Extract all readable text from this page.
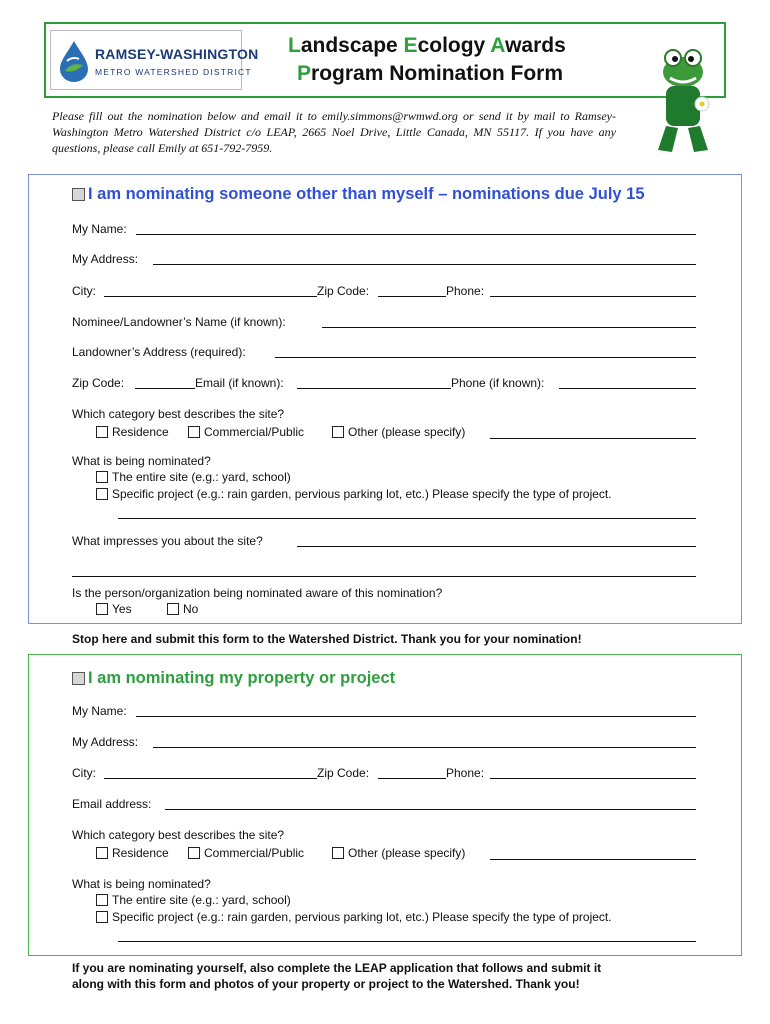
RAMSEY-WASHINGTON
METRO WATERSHED DISTRICT
Landscape Ecology Awards
Program Nomination Form
Please fill out the nomination below and email it to emily.simmons@rwmwd.org or send it by mail to Ramsey-Washington Metro Watershed District c/o LEAP, 2665 Noel Drive, Little Canada, MN 55117. If you have any questions, please call Emily at 651-792-7959.
I am nominating someone other than myself – nominations due July 15
My Name:
My Address:
City:	Zip Code:	Phone:
Nominee/Landowner’s Name (if known):
Landowner’s Address (required):
Zip Code:	Email (if known):	Phone (if known):
Which category best describes the site?
Residence	Commercial/Public	Other (please specify)
What is being nominated?
The entire site (e.g.: yard, school)
Specific project (e.g.: rain garden, pervious parking lot, etc.) Please specify the type of project.
What impresses you about the site?
Is the person/organization being nominated aware of this nomination?
Yes	No
Stop here and submit this form to the Watershed District. Thank you for your nomination!
I am nominating my property or project
My Name:
My Address:
City:	Zip Code:	Phone:
Email address:
Which category best describes the site?
Residence	Commercial/Public	Other (please specify)
What is being nominated?
The entire site (e.g.: yard, school)
Specific project (e.g.: rain garden, pervious parking lot, etc.) Please specify the type of project.
If you are nominating yourself, also complete the LEAP application that follows and submit it
along with this form and photos of your property or project to the Watershed. Thank you!
